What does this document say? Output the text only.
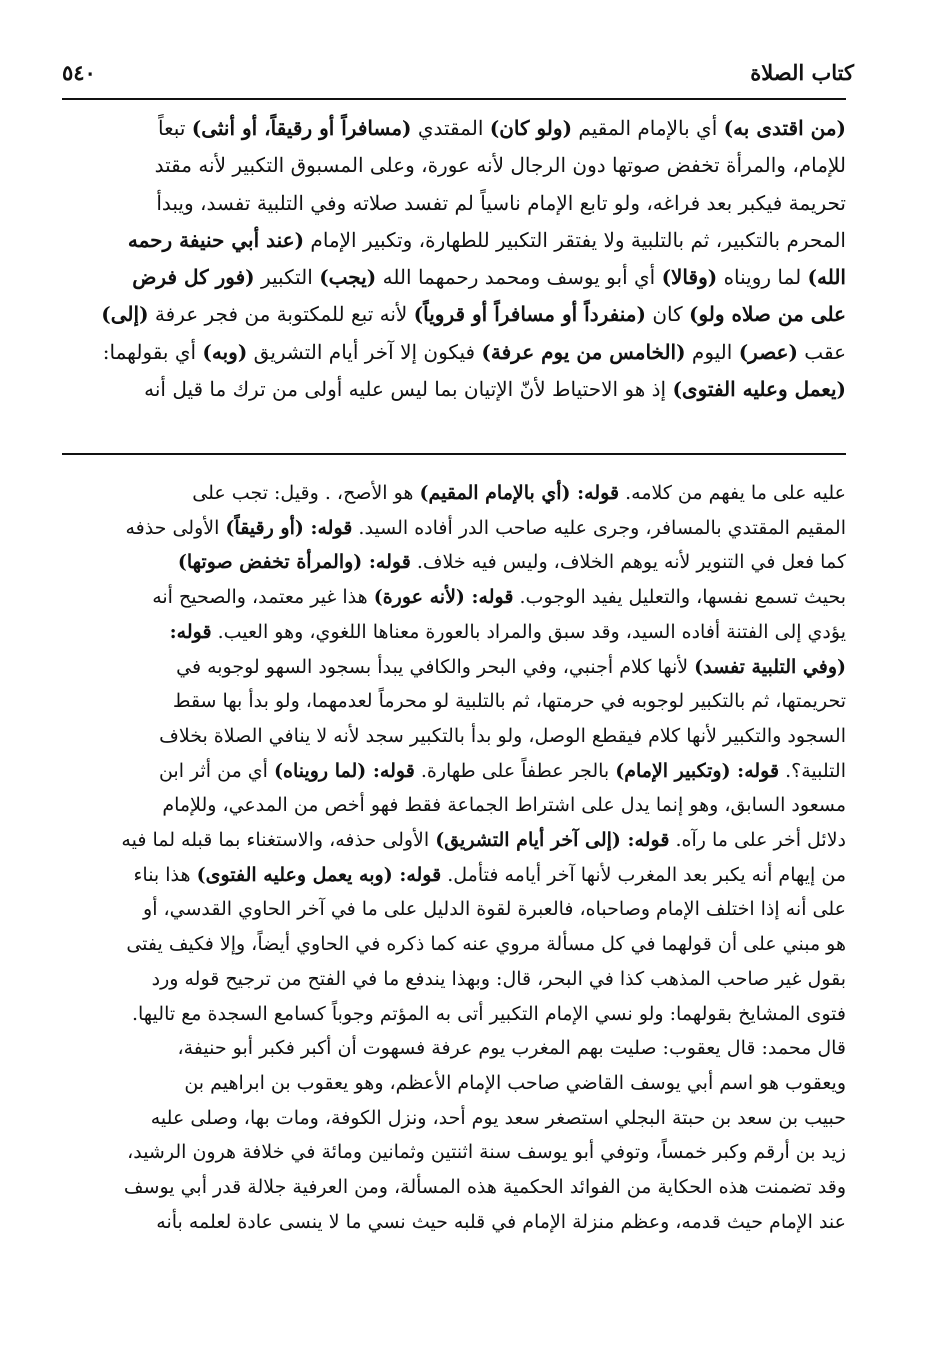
كتاب الصلاة
٥٤٠
(من اقتدى به) أي بالإمام المقيم (ولو كان) المقتدي (مسافراً أو رقيقاً، أو أنثى) تبعاً
للإمام، والمرأة تخفض صوتها دون الرجال لأنه عورة، وعلى المسبوق التكبير لأنه مقتد
تحريمة فيكبر بعد فراغه، ولو تابع الإمام ناسياً لم تفسد صلاته وفي التلبية تفسد، ويبدأ
المحرم بالتكبير، ثم بالتلبية ولا يفتقر التكبير للطهارة، وتكبير الإمام (عند أبي حنيفة رحمه
الله) لما رويناه (وقالا) أي أبو يوسف ومحمد رحمهما الله (يجب) التكبير (فور كل فرض
على من صلاه ولو) كان (منفرداً أو مسافراً أو قروياً) لأنه تبع للمكتوبة من فجر عرفة (إلى)
عقب (عصر) اليوم (الخامس من يوم عرفة) فيكون إلا آخر أيام التشريق (وبه) أي بقولهما:
(يعمل وعليه الفتوى) إذ هو الاحتياط لأنّ الإتيان بما ليس عليه أولى من ترك ما قيل أنه
عليه على ما يفهم من كلامه. قوله: (أي بالإمام المقيم) هو الأصح، . وقيل: تجب على
المقيم المقتدي بالمسافر، وجرى عليه صاحب الدر أفاده السيد. قوله: (أو رقيقاً) الأولى حذفه
كما فعل في التنوير لأنه يوهم الخلاف، وليس فيه خلاف. قوله: (والمرأة تخفض صوتها)
بحيث تسمع نفسها، والتعليل يفيد الوجوب. قوله: (لأنه عورة) هذا غير معتمد، والصحيح أنه
يؤدي إلى الفتنة أفاده السيد، وقد سبق والمراد بالعورة معناها اللغوي، وهو العيب. قوله:
(وفي التلبية تفسد) لأنها كلام أجنبي، وفي البحر والكافي يبدأ بسجود السهو لوجوبه في
تحريمتها، ثم بالتكبير لوجوبه في حرمتها، ثم بالتلبية لو محرماً لعدمهما، ولو بدأ بها سقط
السجود والتكبير لأنها كلام فيقطع الوصل، ولو بدأ بالتكبير سجد لأنه لا ينافي الصلاة بخلاف
التلبية؟. قوله: (وتكبير الإمام) بالجر عطفاً على طهارة. قوله: (لما رويناه) أي من أثر ابن
مسعود السابق، وهو إنما يدل على اشتراط الجماعة فقط فهو أخص من المدعي، وللإمام
دلائل أخر على ما رآه. قوله: (إلى آخر أيام التشريق) الأولى حذفه، والاستغناء بما قبله لما فيه
من إيهام أنه يكبر بعد المغرب لأنها آخر أيامه فتأمل. قوله: (وبه يعمل وعليه الفتوى) هذا بناء
على أنه إذا اختلف الإمام وصاحباه، فالعبرة لقوة الدليل على ما في آخر الحاوي القدسي، أو
هو مبني على أن قولهما في كل مسألة مروي عنه كما ذكره في الحاوي أيضاً، وإلا فكيف يفتى
بقول غير صاحب المذهب كذا في البحر، قال: وبهذا يندفع ما في الفتح من ترجيح قوله ورد
فتوى المشايخ بقولهما: ولو نسي الإمام التكبير أتى به المؤتم وجوباً كسامع السجدة مع تاليها.
قال محمد: قال يعقوب: صليت بهم المغرب يوم عرفة فسهوت أن أكبر فكبر أبو حنيفة،
ويعقوب هو اسم أبي يوسف القاضي صاحب الإمام الأعظم، وهو يعقوب بن ابراهيم بن
حبيب بن سعد بن حبتة البجلي استصغر سعد يوم أحد، ونزل الكوفة، ومات بها، وصلى عليه
زيد بن أرقم وكبر خمساً، وتوفي أبو يوسف سنة اثنتين وثمانين ومائة في خلافة هرون الرشيد،
وقد تضمنت هذه الحكاية من الفوائد الحكمية هذه المسألة، ومن العرفية جلالة قدر أبي يوسف
عند الإمام حيث قدمه، وعظم منزلة الإمام في قلبه حيث نسي ما لا ينسى عادة لعلمه بأنه
